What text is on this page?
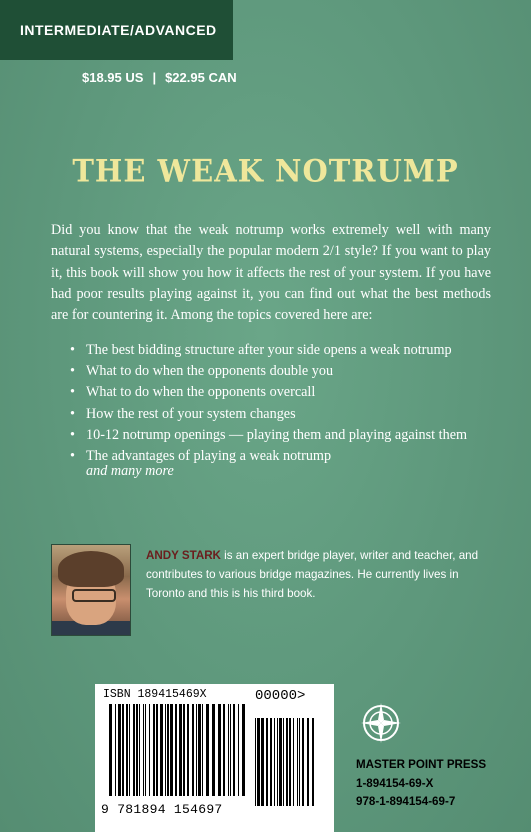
INTERMEDIATE/ADVANCED
$18.95 US | $22.95 CAN
THE WEAK NOTRUMP
Did you know that the weak notrump works extremely well with many natural systems, especially the popular modern 2/1 style? If you want to play it, this book will show you how it affects the rest of your system. If you have had poor results playing against it, you can find out what the best methods are for countering it. Among the topics covered here are:
• The best bidding structure after your side opens a weak notrump
• What to do when the opponents double you
• What to do when the opponents overcall
• How the rest of your system changes
• 10-12 notrump openings — playing them and playing against them
• The advantages of playing a weak notrump
and many more
ANDY STARK is an expert bridge player, writer and teacher, and contributes to various bridge magazines. He currently lives in Toronto and this is his third book.
ISBN 189415469X	00000>
9 781894 154697
MASTER POINT PRESS
1-894154-69-X
978-1-894154-69-7
